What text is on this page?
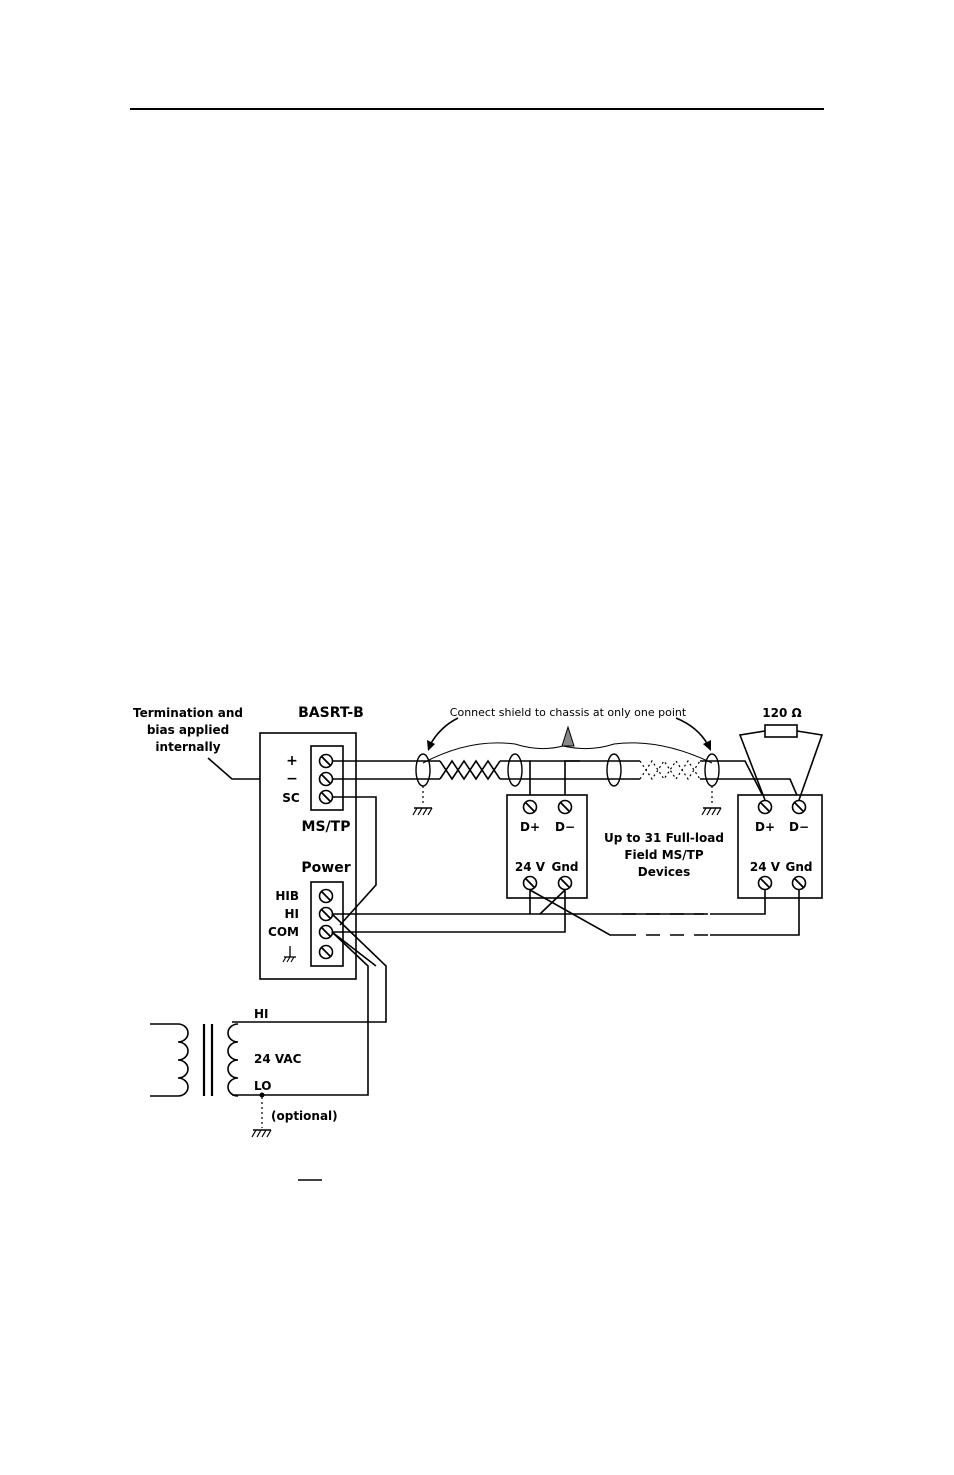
Termination and
bias applied
internally
BASRT-B
+
−
SC
MS/TP
Power
HIB
HI
COM
Connect shield to chassis at only one point
D+ D−
24 V Gnd
Up to 31 Full-load
Field MS/TP
Devices
D+ D−
24 V Gnd
120 Ω
HI
24 VAC
LO
(optional)
